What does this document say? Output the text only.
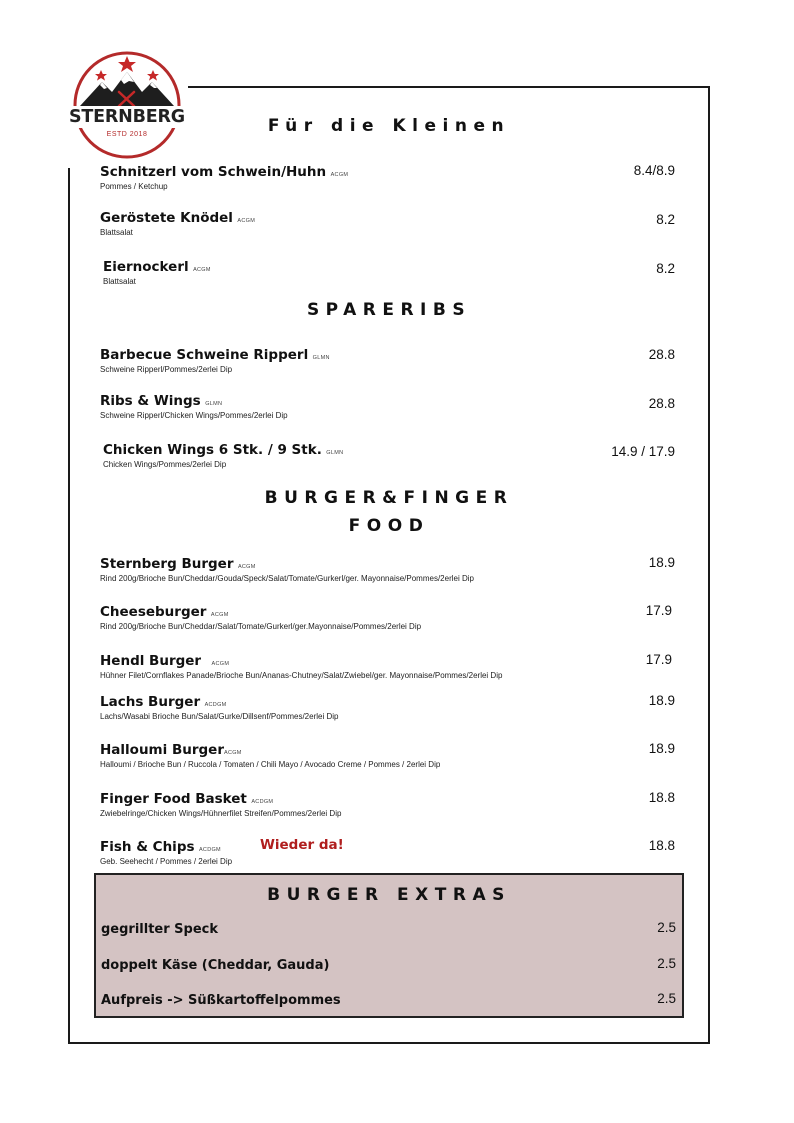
STERNBERG
ESTD 2018	Für die Kleinen
Schnitzerl vom Schwein/Huhn ACGM
Pommes / Ketchup
8.4/8.9
Geröstete Knödel ACGM
Blattsalat
8.2
Eiernockerl ACGM
Blattsalat
8.2
SPARERIBS
Barbecue Schweine Ripperl GLMN
Schweine Ripperl/Pommes/2erlei Dip
28.8
Ribs & Wings GLMN
Schweine Ripperl/Chicken Wings/Pommes/2erlei Dip
28.8
Chicken Wings 6 Stk. / 9 Stk. GLMN
Chicken Wings/Pommes/2erlei Dip
14.9 / 17.9
BURGER&FINGER
FOOD
Sternberg Burger ACGM
Rind 200g/Brioche Bun/Cheddar/Gouda/Speck/Salat/Tomate/Gurkerl/ger. Mayonnaise/Pommes/2erlei Dip
18.9
Cheeseburger ACGM
Rind 200g/Brioche Bun/Cheddar/Salat/Tomate/Gurkerl/ger.Mayonnaise/Pommes/2erlei Dip
17.9
Hendl Burger ACGM
Hühner Filet/Cornflakes Panade/Brioche Bun/Ananas-Chutney/Salat/Zwiebel/ger. Mayonnaise/Pommes/2erlei Dip
17.9
Lachs Burger ACDGM
Lachs/Wasabi Brioche Bun/Salat/Gurke/Dillsenf/Pommes/2erlei Dip
18.9
Halloumi BurgerACGM
Halloumi / Brioche Bun / Ruccola / Tomaten / Chili Mayo / Avocado Creme / Pommes / 2erlei Dip
18.9
Finger Food Basket ACDGM
Zwiebelringe/Chicken Wings/Hühnerfilet Streifen/Pommes/2erlei Dip
18.8
Fish & Chips ACDGM
Geb. Seehecht / Pommes / 2erlei Dip
18.8
Wieder da!
BURGER EXTRAS
gegrillter Speck	2.5
doppelt Käse (Cheddar, Gauda)	2.5
Aufpreis -> Süßkartoffelpommes	2.5
